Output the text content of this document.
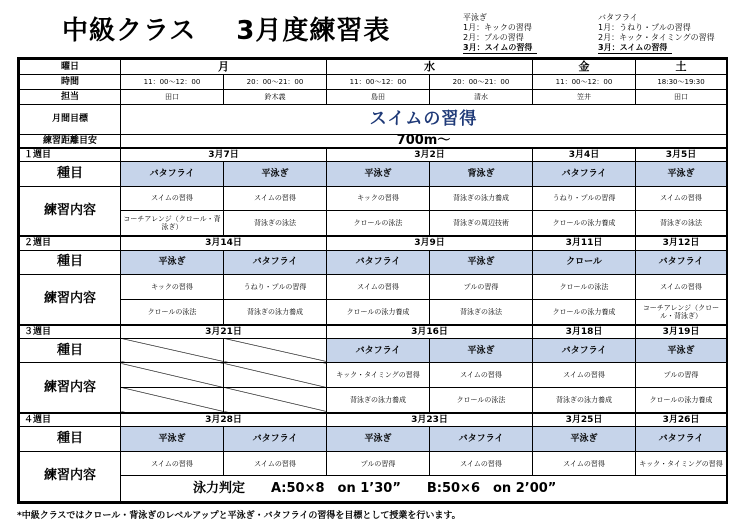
中級クラス 3月度練習表	平泳ぎ
1月：キックの習得
2月：プルの習得
3月：スイムの習得
バタフライ
1月：うねり・プルの習得
2月：キック・タイミングの習得
3月：スイムの習得
曜日	月		水		金	土
時間	11：00～12：00	20：00～21：00	11：00～12：00	20：00～21：00	11：00～12：00	18:30～19:30
担当	田口	鈴木義	島田	清水	笠井	田口
月間目標	スイムの習得					
練習距離目安	700m～					
１週目	3月7日		3月2日		3月4日	3月5日
種目	バタフライ	平泳ぎ	平泳ぎ	背泳ぎ	バタフライ	平泳ぎ
練習内容	スイムの習得	スイムの習得	キックの習得	背泳ぎの泳力養成	うねり・プルの習得	スイムの習得
	コーチアレンジ（クロール・背泳ぎ）	背泳ぎの泳法	クロールの泳法	背泳ぎの周辺技術	クロールの泳力養成	背泳ぎの泳法
２週目	3月14日		3月9日		3月11日	3月12日
種目	平泳ぎ	バタフライ	バタフライ	平泳ぎ	クロール	バタフライ
練習内容	キックの習得	うねり・プルの習得	スイムの習得	プルの習得	クロールの泳法	スイムの習得
	クロールの泳法	背泳ぎの泳力養成	クロールの泳力養成	背泳ぎの泳法	クロールの泳力養成	コーチアレンジ（クロール・背泳ぎ）
３週目	3月21日		3月16日		3月18日	3月19日
種目			バタフライ	平泳ぎ	バタフライ	平泳ぎ
練習内容			キック・タイミングの習得	スイムの習得	スイムの習得	プルの習得
			背泳ぎの泳力養成	クロールの泳法	背泳ぎの泳力養成	クロールの泳力養成
４週目	3月28日		3月23日		3月25日	3月26日
種目	平泳ぎ	バタフライ	平泳ぎ	バタフライ	平泳ぎ	バタフライ
練習内容	スイムの習得	スイムの習得	プルの習得	スイムの習得	スイムの習得	キック・タイミングの習得
	泳力判定　　A:50×8　on 1’30”　　B:50×6　on 2’00”					
*中級クラスではクロール・背泳ぎのレベルアップと平泳ぎ・バタフライの習得を目標として授業を行います。
